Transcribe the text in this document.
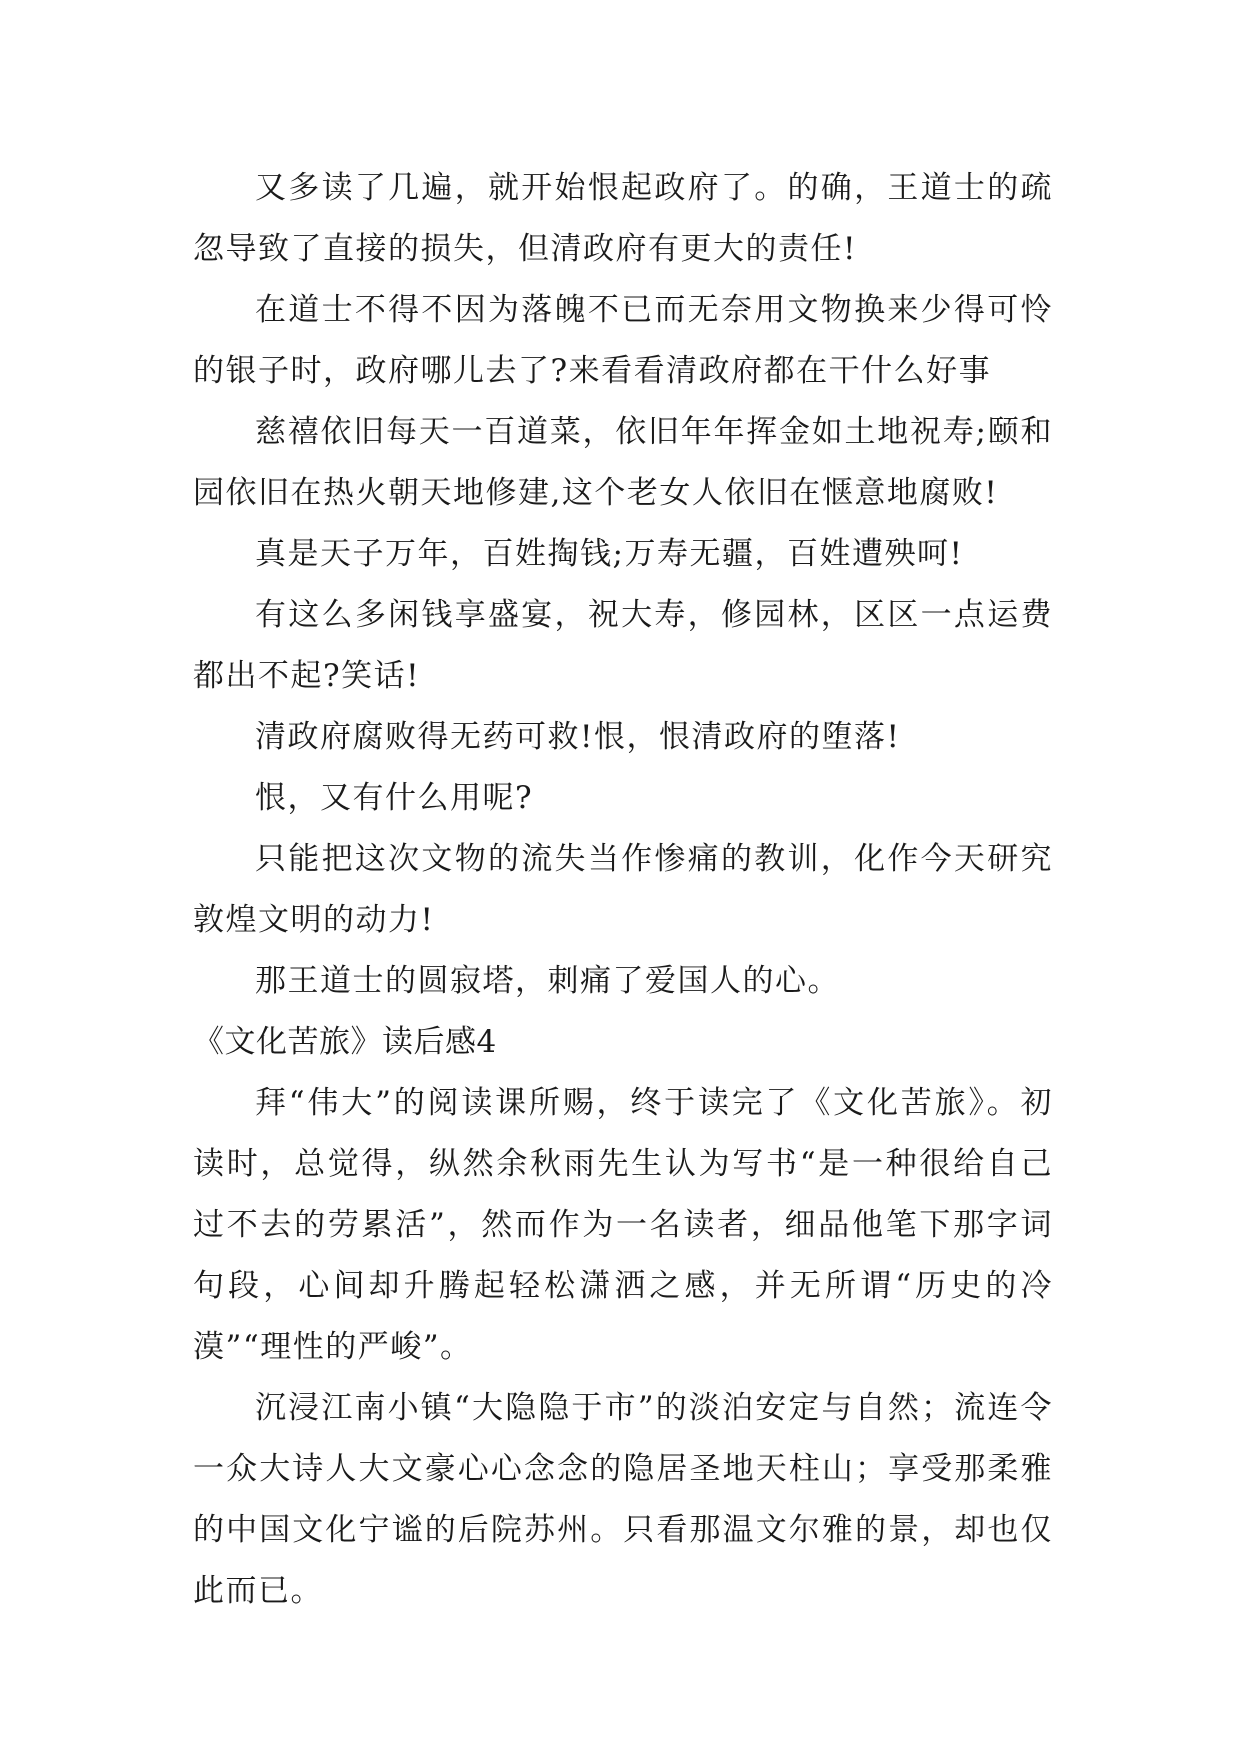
又多读了几遍，就开始恨起政府了。的确，王道士的疏忽导致了直接的损失，但清政府有更大的责任!

在道士不得不因为落魄不已而无奈用文物换来少得可怜的银子时，政府哪儿去了?来看看清政府都在干什么好事

慈禧依旧每天一百道菜，依旧年年挥金如土地祝寿;颐和园依旧在热火朝天地修建,这个老女人依旧在惬意地腐败!

真是天子万年，百姓掏钱;万寿无疆，百姓遭殃呵!

有这么多闲钱享盛宴，祝大寿，修园林，区区一点运费都出不起?笑话!

清政府腐败得无药可救!恨，恨清政府的堕落!

恨，又有什么用呢?

只能把这次文物的流失当作惨痛的教训，化作今天研究敦煌文明的动力!

那王道士的圆寂塔，刺痛了爱国人的心。

《文化苦旅》读后感4

拜“伟大”的阅读课所赐，终于读完了《文化苦旅》。初读时，总觉得，纵然余秋雨先生认为写书“是一种很给自己过不去的劳累活”，然而作为一名读者，细品他笔下那字词句段，心间却升腾起轻松潇洒之感，并无所谓“历史的冷漠”“理性的严峻”。

沉浸江南小镇“大隐隐于市”的淡泊安定与自然；流连令一众大诗人大文豪心心念念的隐居圣地天柱山；享受那柔雅的中国文化宁谧的后院苏州。只看那温文尔雅的景，却也仅此而已。
